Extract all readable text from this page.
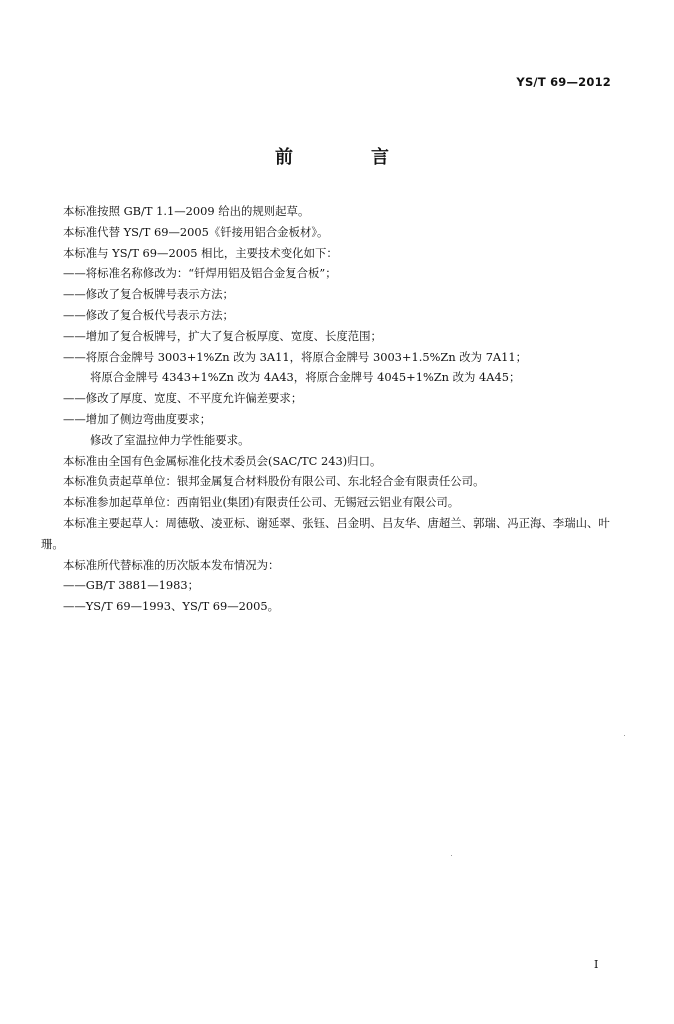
YS/T 69—2012
前　言
本标准按照 GB/T 1.1—2009 给出的规则起草。
本标准代替 YS/T 69—2005《钎接用铝合金板材》。
本标准与 YS/T 69—2005 相比，主要技术变化如下：
——将标准名称修改为：“钎焊用铝及铝合金复合板”；
——修改了复合板牌号表示方法；
——修改了复合板代号表示方法；
——增加了复合板牌号，扩大了复合板厚度、宽度、长度范围；
——将原合金牌号 3003+1%Zn 改为 3A11，将原合金牌号 3003+1.5%Zn 改为 7A11；
将原合金牌号 4343+1%Zn 改为 4A43，将原合金牌号 4045+1%Zn 改为 4A45；
——修改了厚度、宽度、不平度允许偏差要求；
——增加了侧边弯曲度要求；
修改了室温拉伸力学性能要求。
本标准由全国有色金属标准化技术委员会(SAC/TC 243)归口。
本标准负责起草单位：银邦金属复合材料股份有限公司、东北轻合金有限责任公司。
本标准参加起草单位：西南铝业(集团)有限责任公司、无锡冠云铝业有限公司。
本标准主要起草人：周德敬、凌亚标、谢延翠、张钰、吕金明、吕友华、唐超兰、郭瑞、冯正海、李瑞山、叶珊。
本标准所代替标准的历次版本发布情况为：
——GB/T 3881—1983；
——YS/T 69—1993、YS/T 69—2005。
I
